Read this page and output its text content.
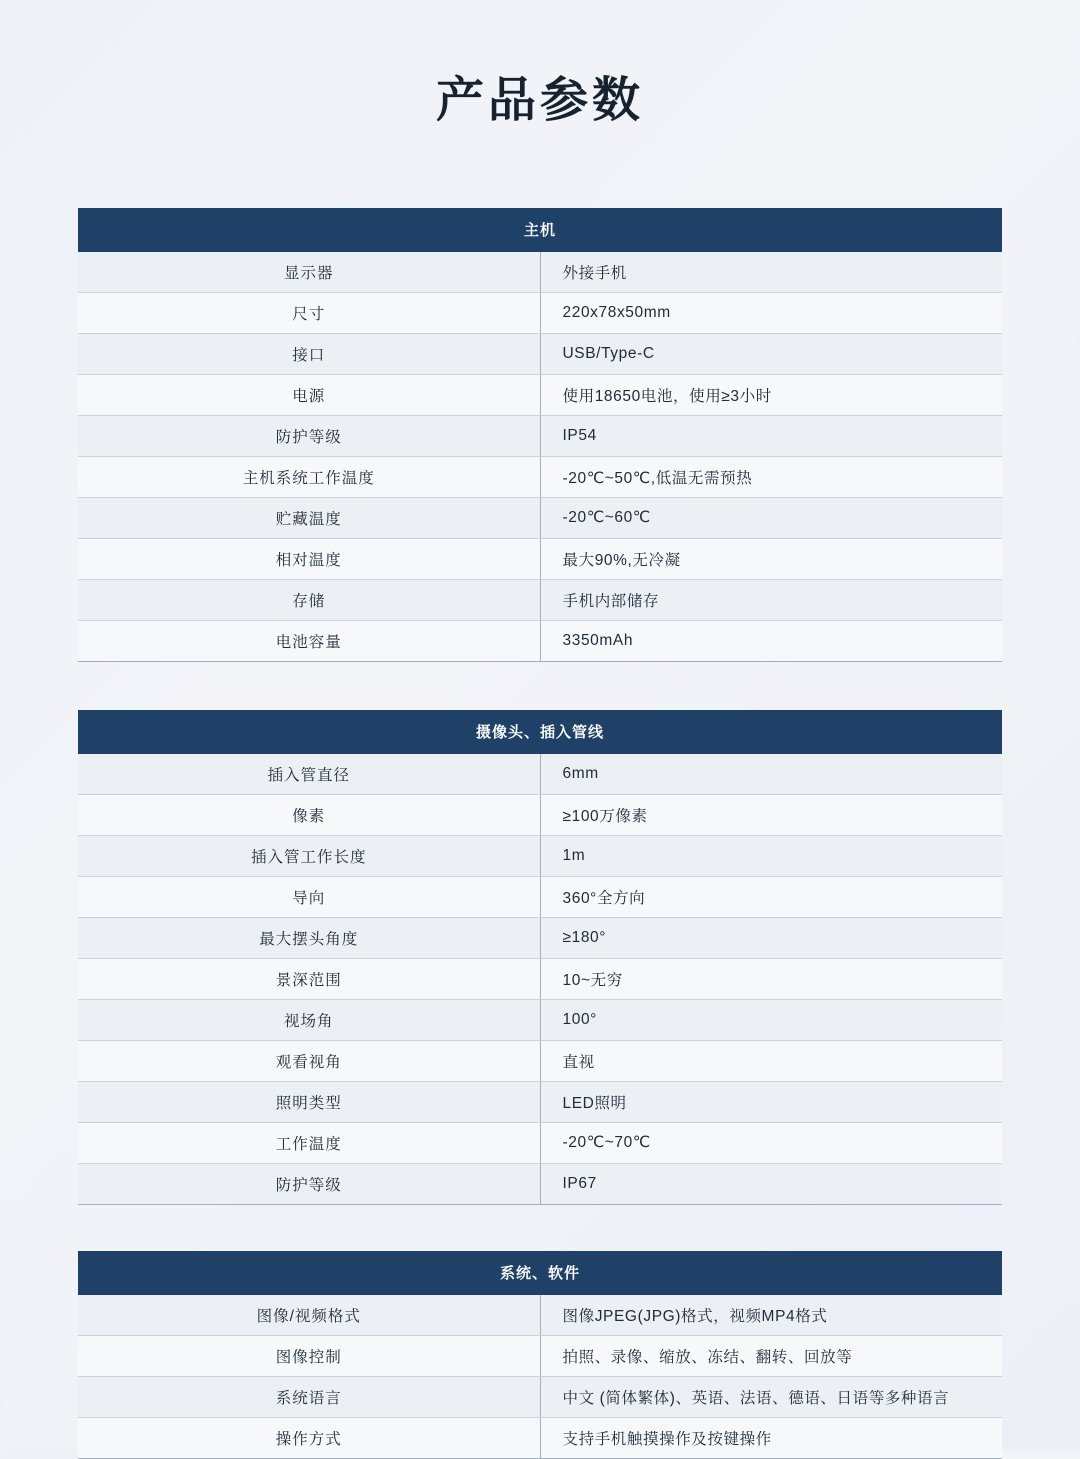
产品参数
主机	
显示器	外接手机
尺寸	220x78x50mm
接口	USB/Type-C
电源	使用18650电池，使用≥3小时
防护等级	IP54
主机系统工作温度	-20℃~50℃,低温无需预热
贮藏温度	-20℃~60℃
相对温度	最大90%,无冷凝
存储	手机内部储存
电池容量	3350mAh
摄像头、插入管线	
插入管直径	6mm
像素	≥100万像素
插入管工作长度	1m
导向	360°全方向
最大摆头角度	≥180°
景深范围	10~无穷
视场角	100°
观看视角	直视
照明类型	LED照明
工作温度	-20℃~70℃
防护等级	IP67
系统、软件	
图像/视频格式	图像JPEG(JPG)格式，视频MP4格式
图像控制	拍照、录像、缩放、冻结、翻转、回放等
系统语言	中文 (简体繁体)、英语、法语、德语、日语等多种语言
操作方式	支持手机触摸操作及按键操作
